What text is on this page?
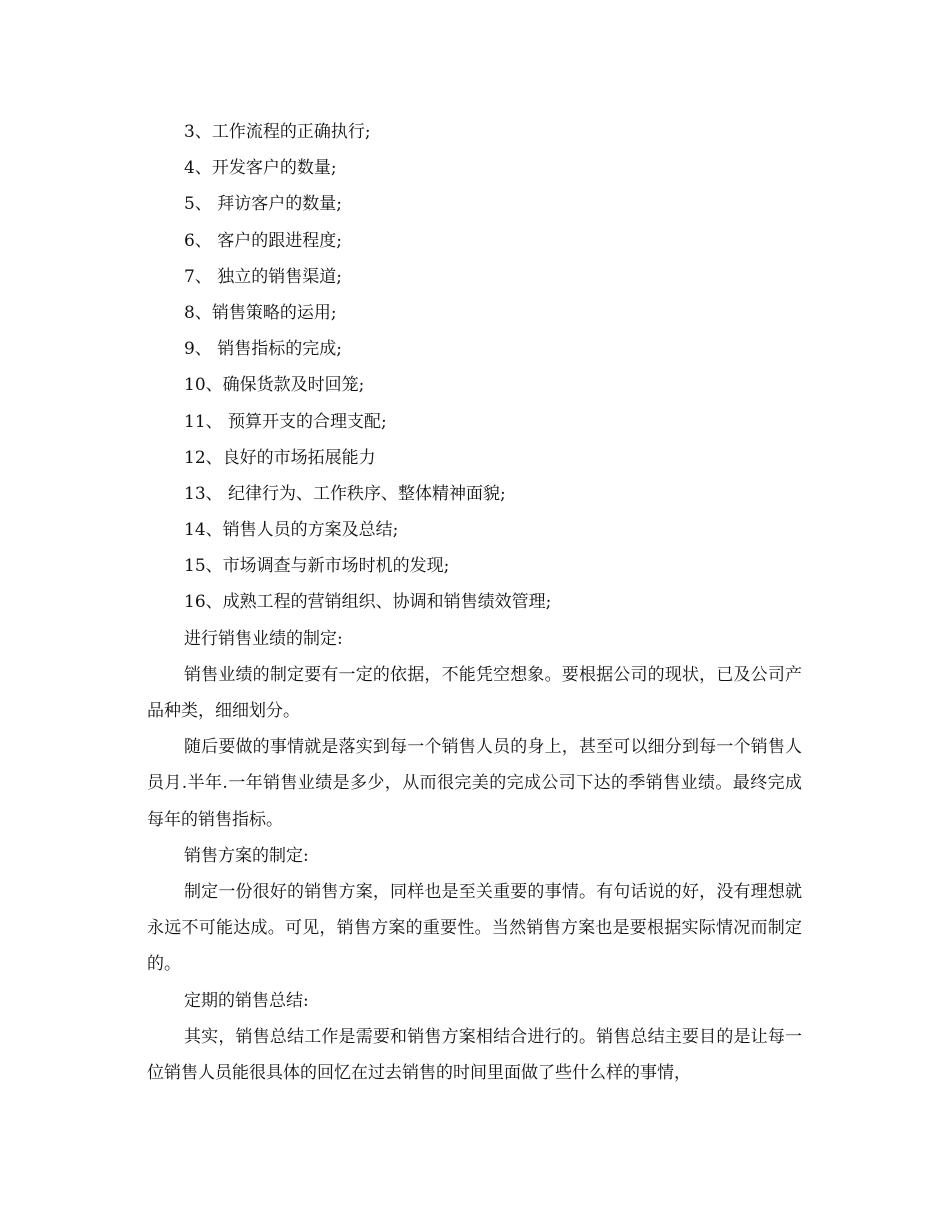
3、工作流程的正确执行;
4、开发客户的数量;
5、 拜访客户的数量;
6、 客户的跟进程度;
7、 独立的销售渠道;
8、销售策略的运用;
9、 销售指标的完成;
10、确保货款及时回笼;
11、 预算开支的合理支配;
12、良好的市场拓展能力
13、 纪律行为、工作秩序、整体精神面貌;
14、销售人员的方案及总结;
15、市场调查与新市场时机的发现;
16、成熟工程的营销组织、协调和销售绩效管理;
进行销售业绩的制定:

销售业绩的制定要有一定的依据，不能凭空想象。要根据公司的现状，已及公司产品种类，细细划分。

随后要做的事情就是落实到每一个销售人员的身上，甚至可以细分到每一个销售人员月.半年.一年销售业绩是多少，从而很完美的完成公司下达的季销售业绩。最终完成每年的销售指标。

销售方案的制定:

制定一份很好的销售方案，同样也是至关重要的事情。有句话说的好，没有理想就永远不可能达成。可见，销售方案的重要性。当然销售方案也是要根据实际情况而制定的。

定期的销售总结:

其实，销售总结工作是需要和销售方案相结合进行的。销售总结主要目的是让每一位销售人员能很具体的回忆在过去销售的时间里面做了些什么样的事情，
